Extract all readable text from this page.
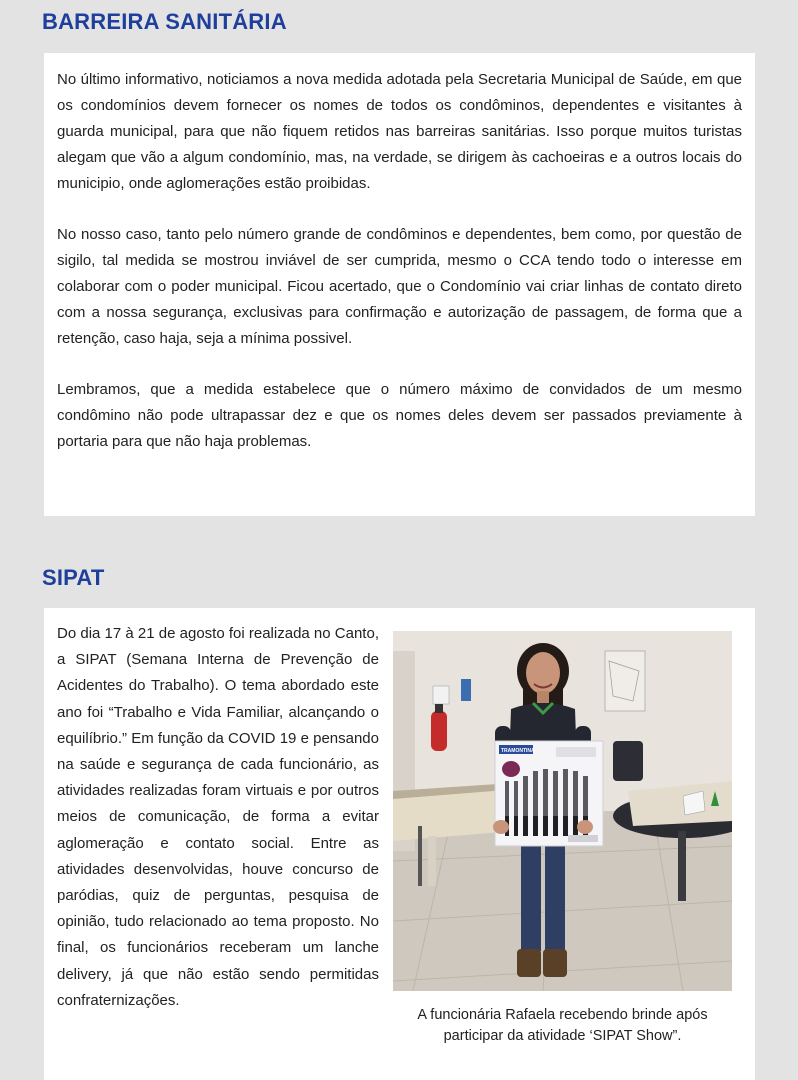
BARREIRA SANITÁRIA

No último informativo, noticiamos a nova medida adotada pela Secretaria Municipal de Saúde, em que os condomínios devem fornecer os nomes de todos os condôminos, dependentes e visitantes à guarda municipal, para que não fiquem retidos nas barreiras sanitárias. Isso porque muitos turistas alegam que vão a algum condomínio, mas, na verdade, se dirigem às cachoeiras e a outros locais do municipio, onde aglomerações estão proibidas.

No nosso caso, tanto pelo número grande de condôminos e dependentes, bem como, por questão de sigilo, tal medida se mostrou inviável de ser cumprida, mesmo o CCA tendo todo o interesse em colaborar com o poder municipal. Ficou acertado, que o Condomínio vai criar linhas de contato direto com a nossa segurança, exclusivas para confirmação e autorização de passagem, de forma que a retenção, caso haja, seja a mínima possivel.

Lembramos, que a medida estabelece que o número máximo de convidados de um mesmo condômino não pode ultrapassar dez e que os nomes deles devem ser passados previamente à portaria para que não haja problemas.

SIPAT

Do dia 17 à 21 de agosto foi realizada no Canto, a SIPAT (Semana Interna de Prevenção de Acidentes do Trabalho). O tema abordado este ano foi “Trabalho e Vida Familiar, alcançando o equilíbrio.” Em função da COVID 19 e pensando na saúde e segurança de cada funcionário, as atividades realizadas foram virtuais e por outros meios de comunicação, de forma a evitar aglomeração e contato social. Entre as atividades desenvolvidas, houve concurso de paródias, quiz de perguntas, pesquisa de opinião, tudo relacionado ao tema proposto. No final, os funcionários receberam um lanche delivery, já que não estão sendo permitidas confraternizações.

TRAMONTINA

A funcionária Rafaela recebendo brinde após participar da atividade ‘SIPAT Show”.
